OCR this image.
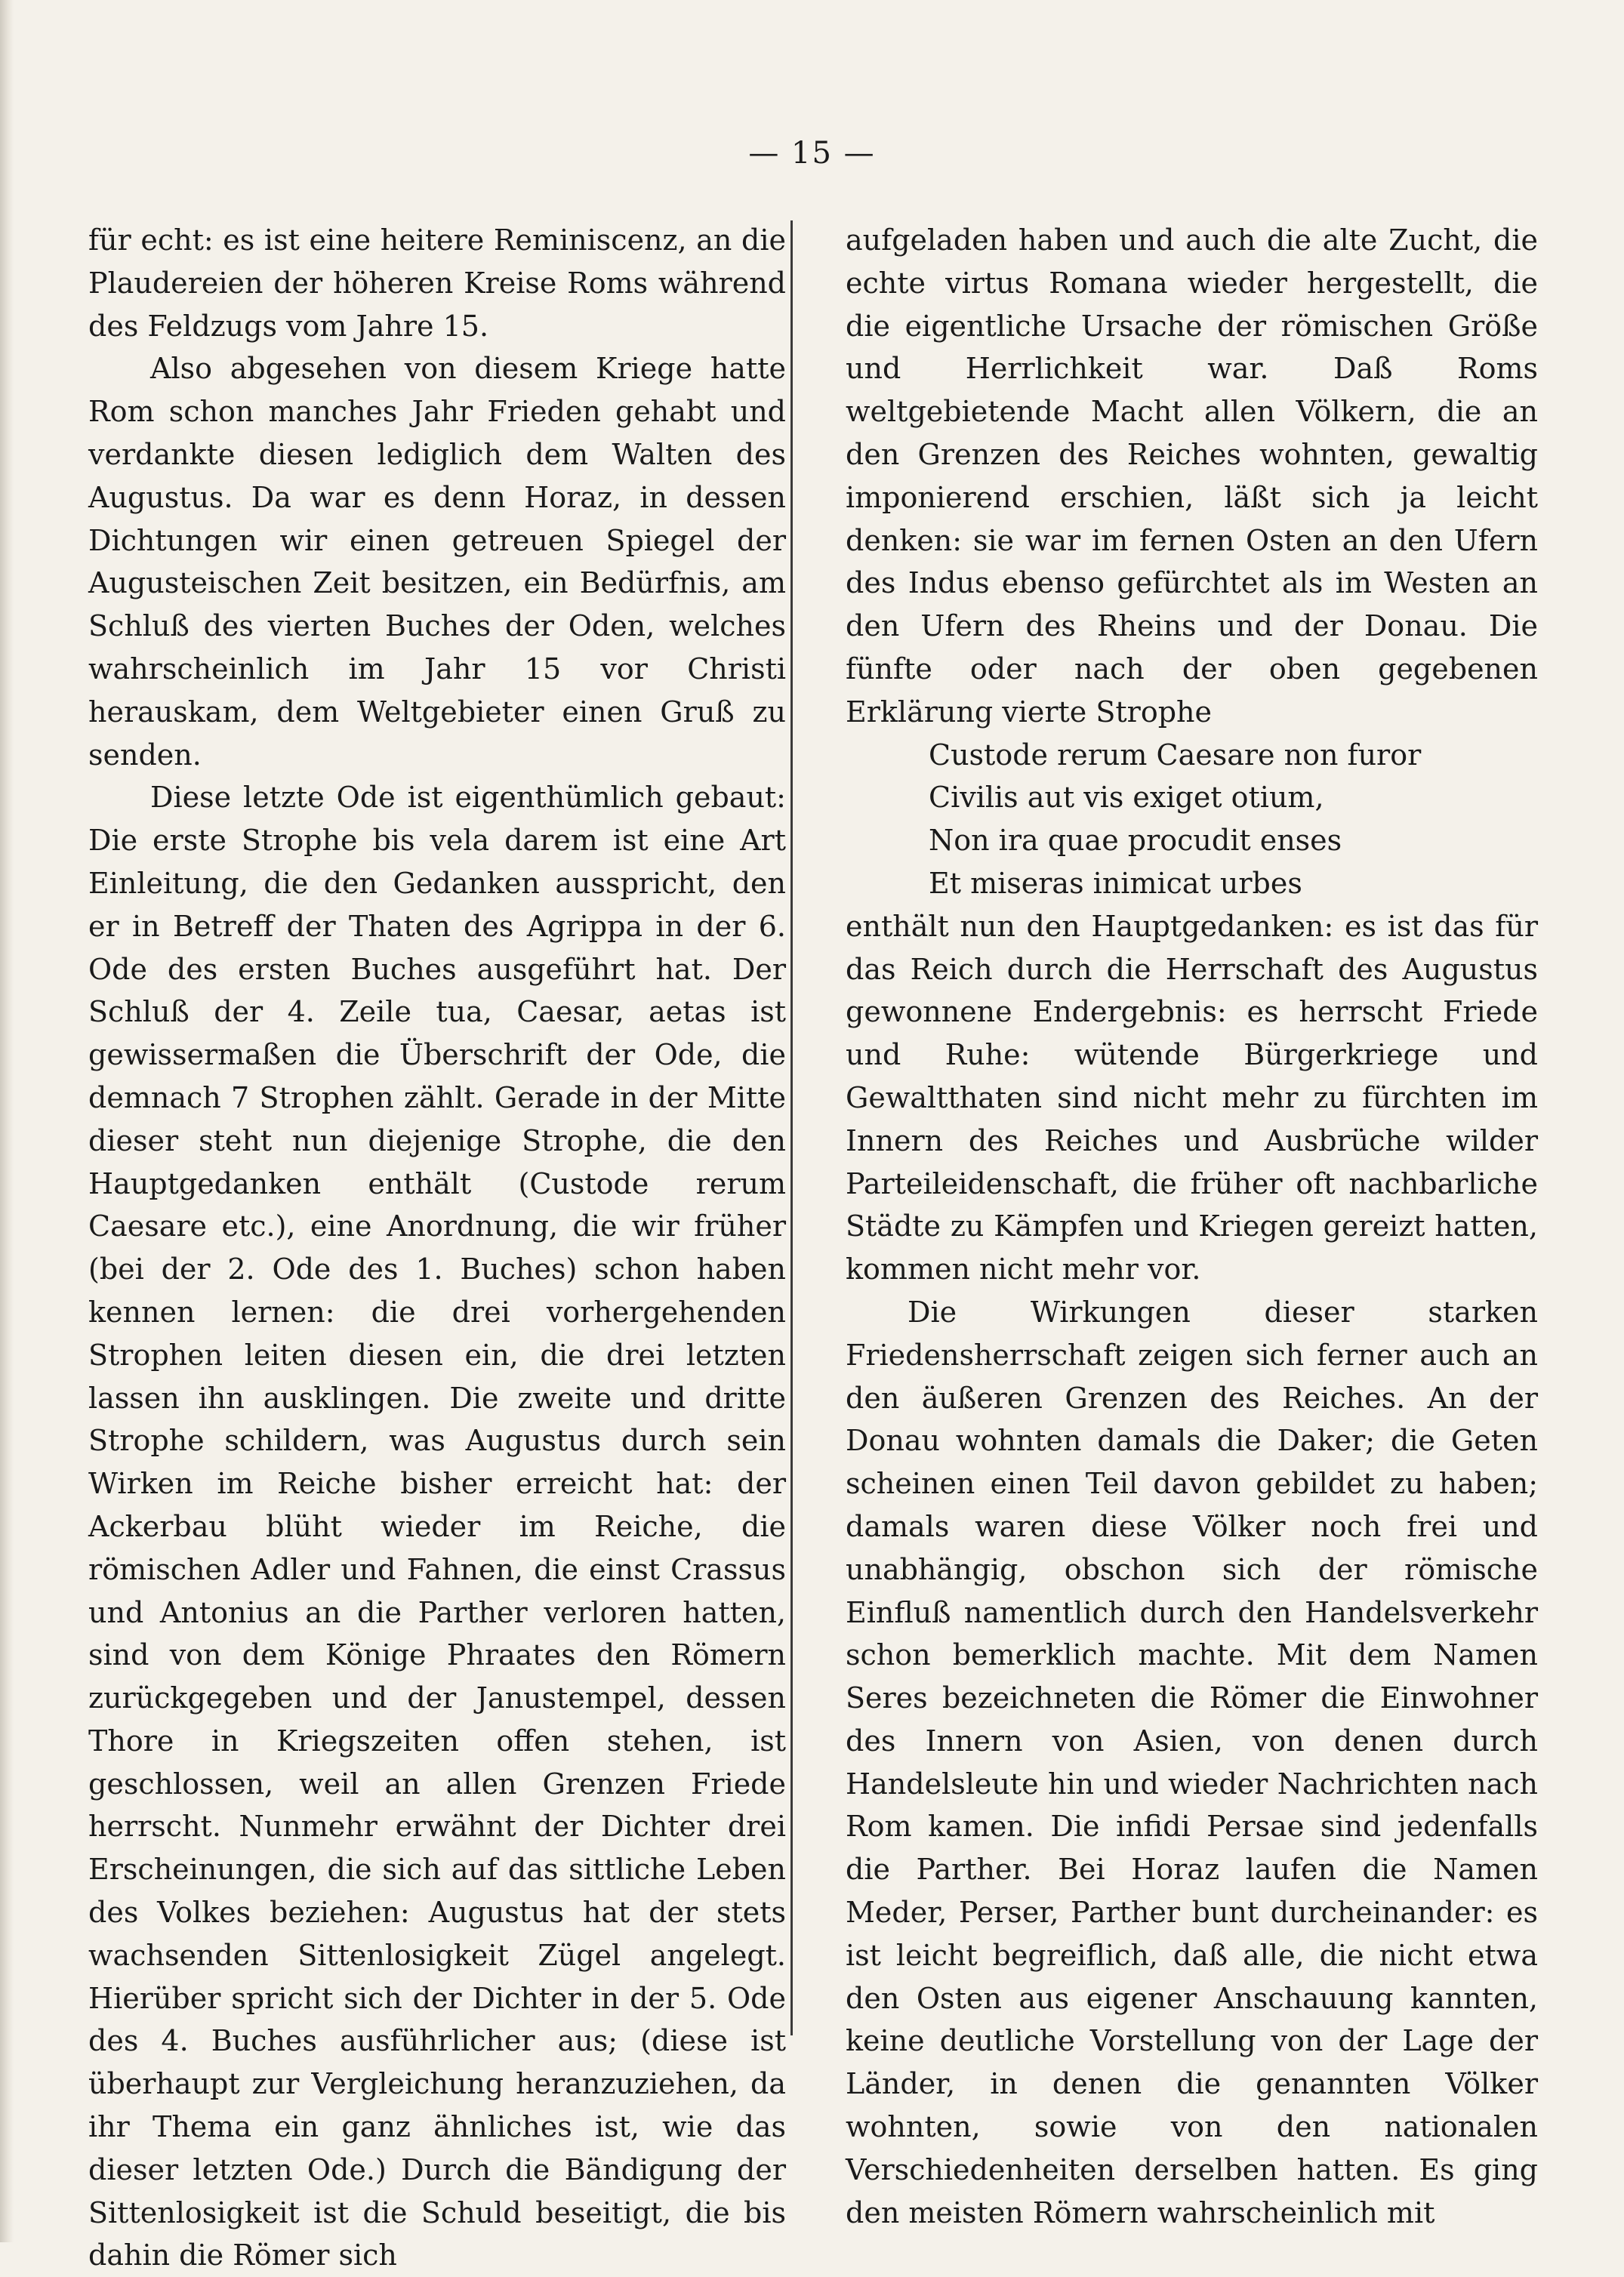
— 15 —

für echt: es ist eine heitere Reminiscenz, an die Plaudereien der höheren Kreise Roms während des Feldzugs vom Jahre 15.

Also abgesehen von diesem Kriege hatte Rom schon manches Jahr Frieden gehabt und verdankte diesen lediglich dem Walten des Augustus. Da war es denn Horaz, in dessen Dichtungen wir einen getreuen Spiegel der Augusteischen Zeit besitzen, ein Bedürfnis, am Schluß des vierten Buches der Oden, welches wahrscheinlich im Jahr 15 vor Christi herauskam, dem Weltgebieter einen Gruß zu senden.

Diese letzte Ode ist eigenthümlich gebaut: Die erste Strophe bis vela darem ist eine Art Einleitung, die den Gedanken ausspricht, den er in Betreff der Thaten des Agrippa in der 6. Ode des ersten Buches ausgeführt hat. Der Schluß der 4. Zeile tua, Caesar, aetas ist gewissermaßen die Überschrift der Ode, die demnach 7 Strophen zählt. Gerade in der Mitte dieser steht nun diejenige Strophe, die den Hauptgedanken enthält (Custode rerum Caesare etc.), eine Anordnung, die wir früher (bei der 2. Ode des 1. Buches) schon haben kennen lernen: die drei vorhergehenden Strophen leiten diesen ein, die drei letzten lassen ihn ausklingen. Die zweite und dritte Strophe schildern, was Augustus durch sein Wirken im Reiche bisher erreicht hat: der Ackerbau blüht wieder im Reiche, die römischen Adler und Fahnen, die einst Crassus und Antonius an die Parther verloren hatten, sind von dem Könige Phraates den Römern zurückgegeben und der Janustempel, dessen Thore in Kriegszeiten offen stehen, ist geschlossen, weil an allen Grenzen Friede herrscht. Nunmehr erwähnt der Dichter drei Erscheinungen, die sich auf das sittliche Leben des Volkes beziehen: Augustus hat der stets wachsenden Sittenlosigkeit Zügel angelegt. Hierüber spricht sich der Dichter in der 5. Ode des 4. Buches ausführlicher aus; (diese ist überhaupt zur Vergleichung heranzuziehen, da ihr Thema ein ganz ähnliches ist, wie das dieser letzten Ode.) Durch die Bändigung der Sittenlosigkeit ist die Schuld beseitigt, die bis dahin die Römer sich

aufgeladen haben und auch die alte Zucht, die echte virtus Romana wieder hergestellt, die die eigentliche Ursache der römischen Größe und Herrlichkeit war. Daß Roms weltgebietende Macht allen Völkern, die an den Grenzen des Reiches wohnten, gewaltig imponierend erschien, läßt sich ja leicht denken: sie war im fernen Osten an den Ufern des Indus ebenso gefürchtet als im Westen an den Ufern des Rheins und der Donau. Die fünfte oder nach der oben gegebenen Erklärung vierte Strophe

Custode rerum Caesare non furor

Civilis aut vis exiget otium,

Non ira quae procudit enses

Et miseras inimicat urbes

enthält nun den Hauptgedanken: es ist das für das Reich durch die Herrschaft des Augustus gewonnene Endergebnis: es herrscht Friede und Ruhe: wütende Bürgerkriege und Gewaltthaten sind nicht mehr zu fürchten im Innern des Reiches und Ausbrüche wilder Parteileidenschaft, die früher oft nachbarliche Städte zu Kämpfen und Kriegen gereizt hatten, kommen nicht mehr vor.

Die Wirkungen dieser starken Friedensherrschaft zeigen sich ferner auch an den äußeren Grenzen des Reiches. An der Donau wohnten damals die Daker; die Geten scheinen einen Teil davon gebildet zu haben; damals waren diese Völker noch frei und unabhängig, obschon sich der römische Einfluß namentlich durch den Handelsverkehr schon bemerklich machte. Mit dem Namen Seres bezeichneten die Römer die Einwohner des Innern von Asien, von denen durch Handelsleute hin und wieder Nachrichten nach Rom kamen. Die infidi Persae sind jedenfalls die Parther. Bei Horaz laufen die Namen Meder, Perser, Parther bunt durcheinander: es ist leicht begreiflich, daß alle, die nicht etwa den Osten aus eigener Anschauung kannten, keine deutliche Vorstellung von der Lage der Länder, in denen die genannten Völker wohnten, sowie von den nationalen Verschiedenheiten derselben hatten. Es ging den meisten Römern wahrscheinlich mit
